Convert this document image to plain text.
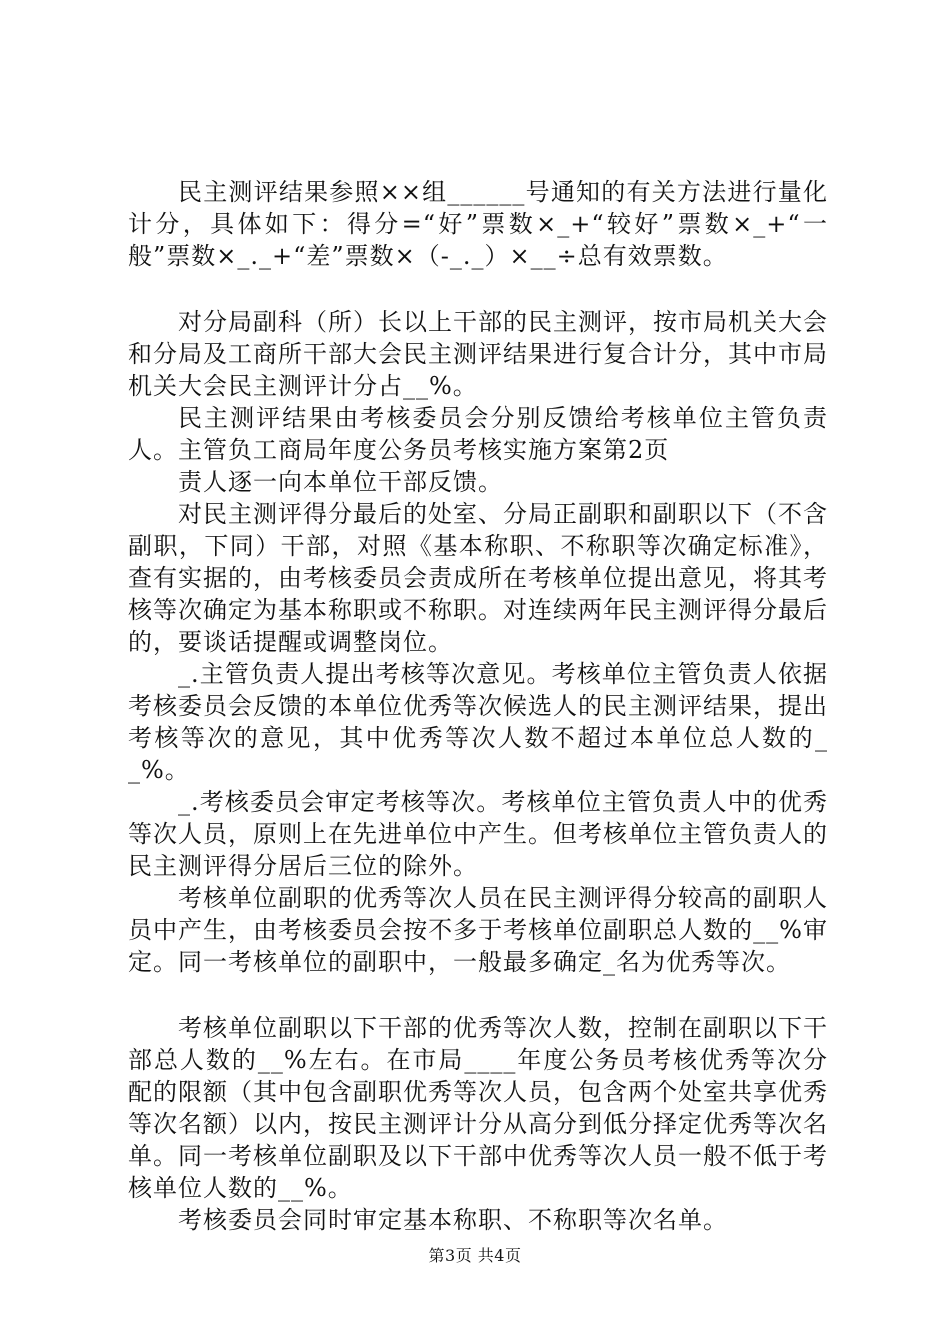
民主测评结果参照××组______号通知的有关方法进行量化计分，具体如下：得分=“好”票数×_+“较好”票数×_+“一般”票数×_._+“差”票数×（-_._）×__÷总有效票数。

对分局副科（所）长以上干部的民主测评，按市局机关大会和分局及工商所干部大会民主测评结果进行复合计分，其中市局机关大会民主测评计分占__%。

民主测评结果由考核委员会分别反馈给考核单位主管负责人。主管负工商局年度公务员考核实施方案第2页

责人逐一向本单位干部反馈。

对民主测评得分最后的处室、分局正副职和副职以下（不含副职，下同）干部，对照《基本称职、不称职等次确定标准》，查有实据的，由考核委员会责成所在考核单位提出意见，将其考核等次确定为基本称职或不称职。对连续两年民主测评得分最后的，要谈话提醒或调整岗位。

_.主管负责人提出考核等次意见。考核单位主管负责人依据考核委员会反馈的本单位优秀等次候选人的民主测评结果，提出考核等次的意见，其中优秀等次人数不超过本单位总人数的__%。

_.考核委员会审定考核等次。考核单位主管负责人中的优秀等次人员，原则上在先进单位中产生。但考核单位主管负责人的民主测评得分居后三位的除外。

考核单位副职的优秀等次人员在民主测评得分较高的副职人员中产生，由考核委员会按不多于考核单位副职总人数的__%审定。同一考核单位的副职中，一般最多确定_名为优秀等次。

考核单位副职以下干部的优秀等次人数，控制在副职以下干部总人数的__%左右。在市局____年度公务员考核优秀等次分配的限额（其中包含副职优秀等次人员，包含两个处室共享优秀等次名额）以内，按民主测评计分从高分到低分择定优秀等次名单。同一考核单位副职及以下干部中优秀等次人员一般不低于考核单位人数的__%。

考核委员会同时审定基本称职、不称职等次名单。

第3页 共4页
